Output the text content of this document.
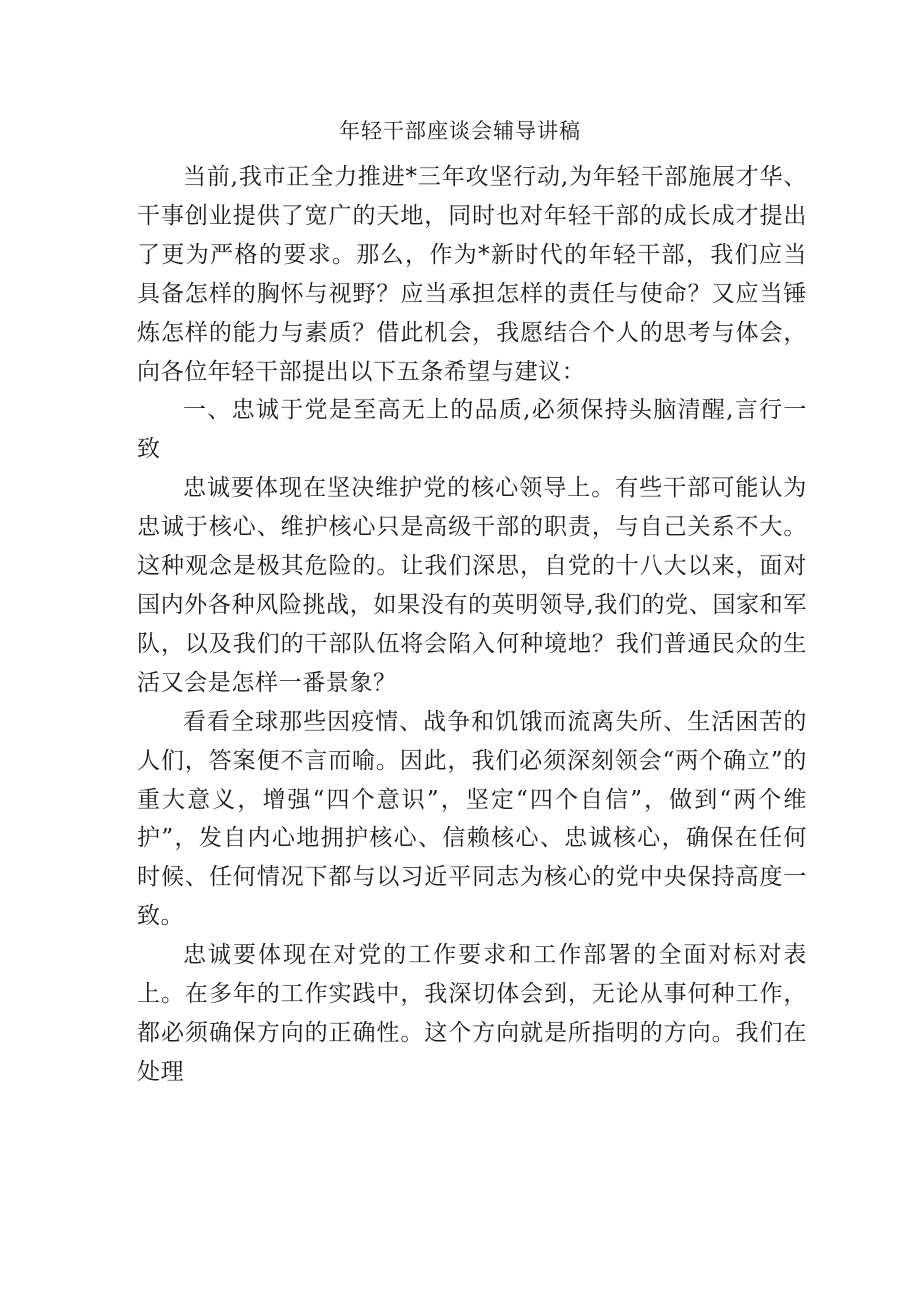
年轻干部座谈会辅导讲稿

当前,我市正全力推进*三年攻坚行动,为年轻干部施展才华、干事创业提供了宽广的天地，同时也对年轻干部的成长成才提出了更为严格的要求。那么，作为*新时代的年轻干部，我们应当具备怎样的胸怀与视野？应当承担怎样的责任与使命？又应当锤炼怎样的能力与素质？借此机会，我愿结合个人的思考与体会，向各位年轻干部提出以下五条希望与建议：

一、忠诚于党是至高无上的品质,必须保持头脑清醒,言行一致

忠诚要体现在坚决维护党的核心领导上。有些干部可能认为忠诚于核心、维护核心只是高级干部的职责，与自己关系不大。这种观念是极其危险的。让我们深思，自党的十八大以来，面对国内外各种风险挑战，如果没有的英明领导,我们的党、国家和军队，以及我们的干部队伍将会陷入何种境地？我们普通民众的生活又会是怎样一番景象？

看看全球那些因疫情、战争和饥饿而流离失所、生活困苦的人们，答案便不言而喻。因此，我们必须深刻领会“两个确立”的重大意义，增强“四个意识”，坚定“四个自信”，做到“两个维护”，发自内心地拥护核心、信赖核心、忠诚核心，确保在任何时候、任何情况下都与以习近平同志为核心的党中央保持高度一致。

忠诚要体现在对党的工作要求和工作部署的全面对标对表上。在多年的工作实践中，我深切体会到，无论从事何种工作，都必须确保方向的正确性。这个方向就是所指明的方向。我们在处理
